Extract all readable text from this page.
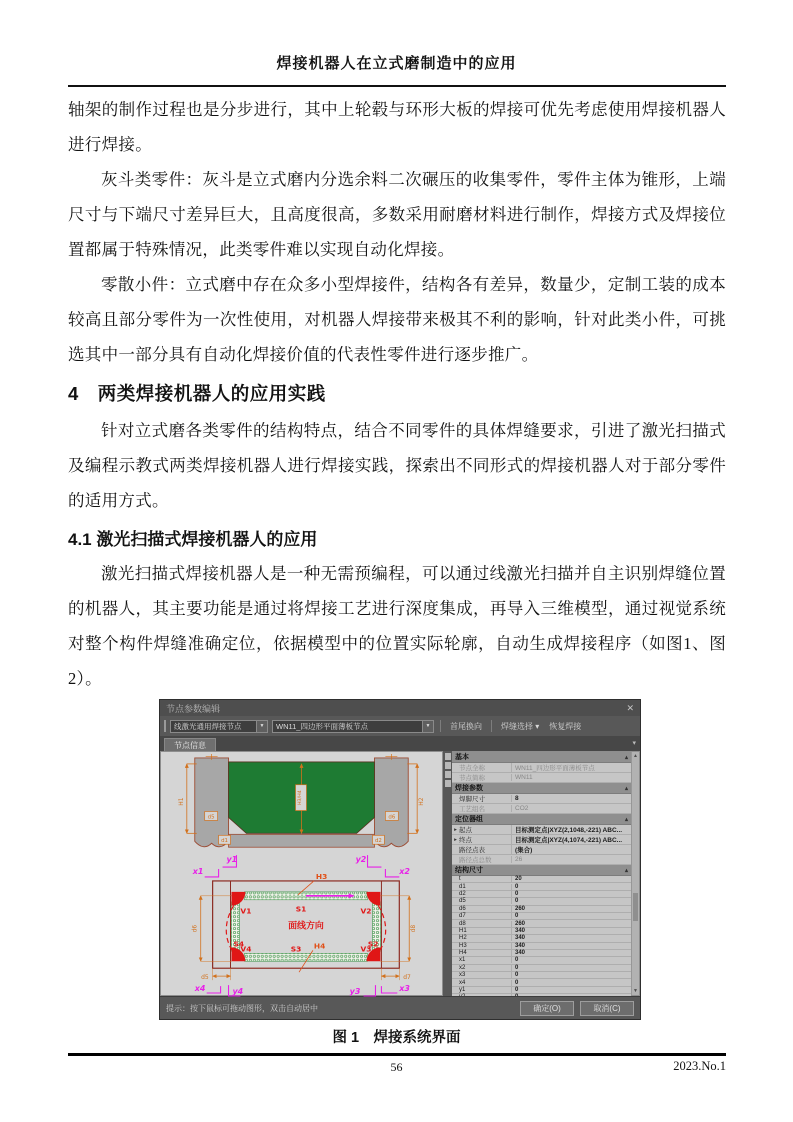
焊接机器人在立式磨制造中的应用

轴架的制作过程也是分步进行，其中上轮毂与环形大板的焊接可优先考虑使用焊接机器人进行焊接。

灰斗类零件：灰斗是立式磨内分选余料二次碾压的收集零件，零件主体为锥形，上端尺寸与下端尺寸差异巨大，且高度很高，多数采用耐磨材料进行制作，焊接方式及焊接位置都属于特殊情况，此类零件难以实现自动化焊接。

零散小件：立式磨中存在众多小型焊接件，结构各有差异，数量少，定制工装的成本较高且部分零件为一次性使用，对机器人焊接带来极其不利的影响，针对此类小件，可挑选其中一部分具有自动化焊接价值的代表性零件进行逐步推广。

4　两类焊接机器人的应用实践

针对立式磨各类零件的结构特点，结合不同零件的具体焊缝要求，引进了激光扫描式及编程示教式两类焊接机器人进行焊接实践，探索出不同形式的焊接机器人对于部分零件的适用方式。

4.1 激光扫描式焊接机器人的应用

激光扫描式焊接机器人是一种无需预编程，可以通过线激光扫描并自主识别焊缝位置的机器人，其主要功能是通过将焊接工艺进行深度集成，再导入三维模型，通过视觉系统对整个构件焊缝准确定位，依据模型中的位置实际轮廓，自动生成焊接程序（如图1、图2）。

节点参数编辑	✕
线激光通用焊接节点	▼	WN11_四边形平面薄板节点	▼	首尾换向	焊缝选择 ▾	恢复焊接
节点信息	▾
H1	H2
H3/H4
d5	d6
d1	d2
y1
x1
y2
x2
V1	S1	V2
S4	S2
V4	S3	V3
面线方向
H3
H4
d6	d8
d5	d7
x4	y4	y3	x3
基本	▴
节点全称	WN11_四边形平面薄板节点
节点简称	WN11
焊接参数	▴
焊脚尺寸	8
工艺组名	CO2
定位器组	▴
▸ 起点	目标测定点|XYZ(2,1048,-221) ABC...
▸ 终点	目标测定点|XYZ(4,1074,-221) ABC...
路径点表	(集合)
路径点总数	26
结构尺寸	▴
t	20
d1	0
d2	0
d5	0
d6	260
d7	0
d8	260
H1	340
H2	340
H3	340
H4	340
x1	0
x2	0
x3	0
x4	0
y1	0
▲
▼
提示：按下鼠标可拖动图形，双击自动居中	确定(O)	取消(C)
图 1　焊接系统界面
56	2023.No.1
